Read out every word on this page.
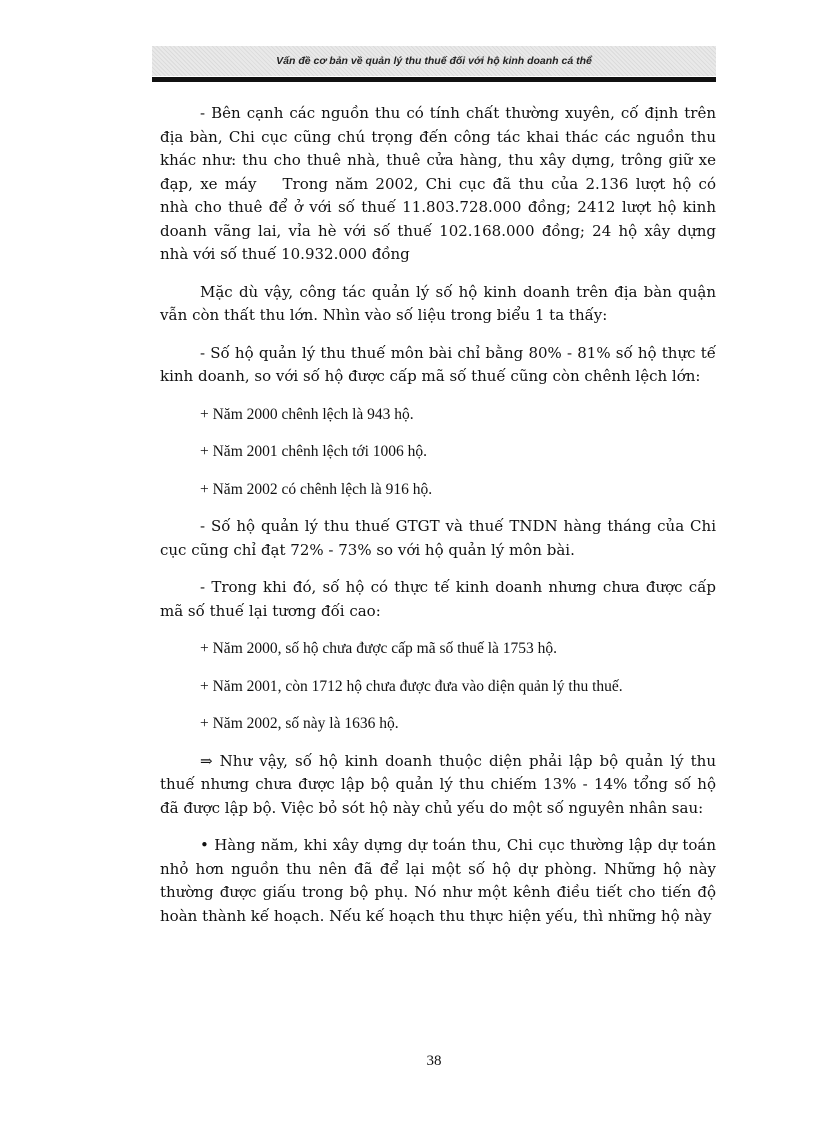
Vấn đề cơ bản về quản lý thu thuế đối với hộ kinh doanh cá thể

- Bên cạnh các nguồn thu có tính chất thường xuyên, cố định trên địa bàn, Chi cục cũng chú trọng đến công tác khai thác các nguồn thu khác như: thu cho thuê nhà, thuê cửa hàng, thu xây dựng, trông giữ xe đạp, xe máy Trong năm 2002, Chi cục đã thu của 2.136 lượt hộ có nhà cho thuê để ở với số thuế 11.803.728.000 đồng; 2412 lượt hộ kinh doanh vãng lai, vỉa hè với số thuế 102.168.000 đồng; 24 hộ xây dựng nhà với số thuế 10.932.000 đồng

Mặc dù vậy, công tác quản lý số hộ kinh doanh trên địa bàn quận vẫn còn thất thu lớn. Nhìn vào số liệu trong biểu 1 ta thấy:

- Số hộ quản lý thu thuế môn bài chỉ bằng 80% - 81% số hộ thực tế kinh doanh, so với số hộ được cấp mã số thuế cũng còn chênh lệch lớn:

+ Năm 2000 chênh lệch là 943 hộ.

+ Năm 2001 chênh lệch tới 1006 hộ.

+ Năm 2002 có chênh lệch là 916 hộ.

- Số hộ quản lý thu thuế GTGT và thuế TNDN hàng tháng của Chi cục cũng chỉ đạt 72% - 73% so với hộ quản lý môn bài.

- Trong khi đó, số hộ có thực tế kinh doanh nhưng chưa được cấp mã số thuế lại tương đối cao:

+ Năm 2000, số hộ chưa được cấp mã số thuế là 1753 hộ.

+ Năm 2001, còn 1712 hộ chưa được đưa vào diện quản lý thu thuế.

+ Năm 2002, số này là 1636 hộ.

⇒ Như vậy, số hộ kinh doanh thuộc diện phải lập bộ quản lý thu thuế nhưng chưa được lập bộ quản lý thu chiếm 13% - 14% tổng số hộ đã được lập bộ. Việc bỏ sót hộ này chủ yếu do một số nguyên nhân sau:

• Hàng năm, khi xây dựng dự toán thu, Chi cục thường lập dự toán nhỏ hơn nguồn thu nên đã để lại một số hộ dự phòng. Những hộ này thường được giấu trong bộ phụ. Nó như một kênh điều tiết cho tiến độ hoàn thành kế hoạch. Nếu kế hoạch thu thực hiện yếu, thì những hộ này

38
